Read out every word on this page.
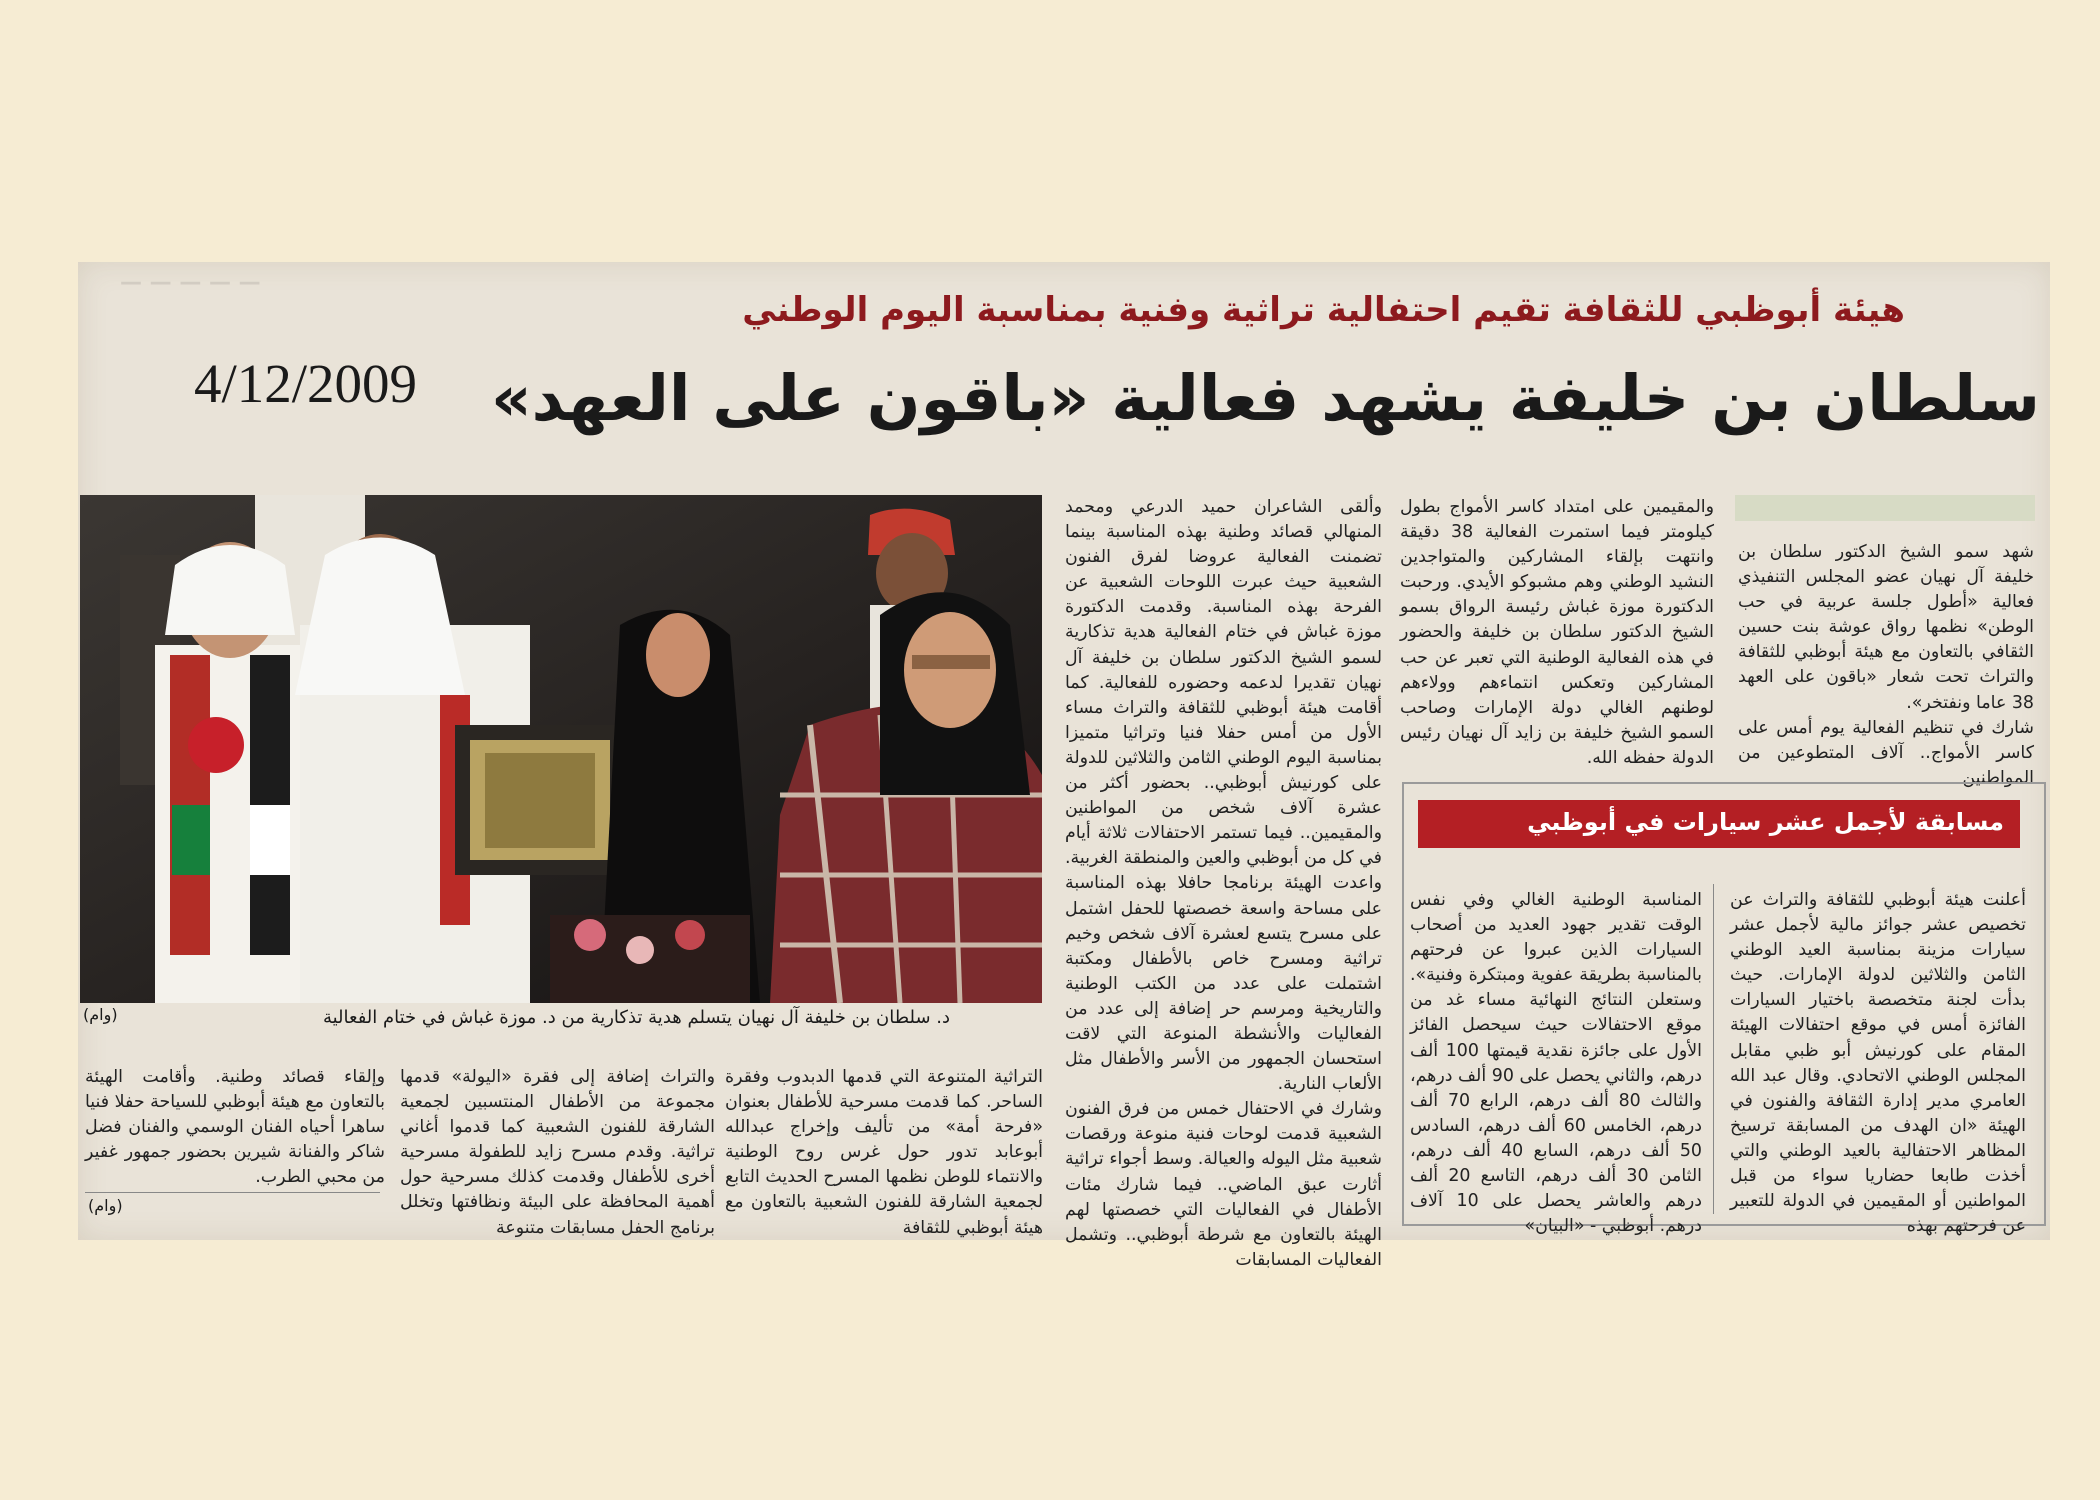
— — — — —
هيئة أبوظبي للثقافة تقيم احتفالية تراثية وفنية بمناسبة اليوم الوطني
سلطان بن خليفة يشهد فعالية «باقون على العهد»
4/12/2009
شهد سمو الشيخ الدكتور سلطان بن خليفة آل نهيان عضو المجلس التنفيذي فعالية «أطول جلسة عربية في حب الوطن» نظمها رواق عوشة بنت حسين الثقافي بالتعاون مع هيئة أبوظبي للثقافة والتراث تحت شعار «باقون على العهد 38 عاما ونفتخر».
شارك في تنظيم الفعالية يوم أمس على كاسر الأمواج.. آلاف المتطوعين من المواطنين
والمقيمين على امتداد كاسر الأمواج بطول كيلومتر فيما استمرت الفعالية 38 دقيقة وانتهت بإلقاء المشاركين والمتواجدين النشيد الوطني وهم مشبوكو الأيدي. ورحبت الدكتورة موزة غباش رئيسة الرواق بسمو الشيخ الدكتور سلطان بن خليفة والحضور في هذه الفعالية الوطنية التي تعبر عن حب المشاركين وتعكس انتماءهم وولاءهم لوطنهم الغالي دولة الإمارات وصاحب السمو الشيخ خليفة بن زايد آل نهيان رئيس الدولة حفظه الله.
وألقى الشاعران حميد الدرعي ومحمد المنهالي قصائد وطنية بهذه المناسبة بينما تضمنت الفعالية عروضا لفرق الفنون الشعبية حيث عبرت اللوحات الشعبية عن الفرحة بهذه المناسبة. وقدمت الدكتورة موزة غباش في ختام الفعالية هدية تذكارية لسمو الشيخ الدكتور سلطان بن خليفة آل نهيان تقديرا لدعمه وحضوره للفعالية. كما أقامت هيئة أبوظبي للثقافة والتراث مساء الأول من أمس حفلا فنيا وتراثيا متميزا بمناسبة اليوم الوطني الثامن والثلاثين للدولة على كورنيش أبوظبي.. بحضور أكثر من عشرة آلاف شخص من المواطنين والمقيمين.. فيما تستمر الاحتفالات ثلاثة أيام في كل من أبوظبي والعين والمنطقة الغربية. واعدت الهيئة برنامجا حافلا بهذه المناسبة على مساحة واسعة خصصتها للحفل اشتمل على مسرح يتسع لعشرة آلاف شخص وخيم تراثية ومسرح خاص بالأطفال ومكتبة اشتملت على عدد من الكتب الوطنية والتاريخية ومرسم حر إضافة إلى عدد من الفعاليات والأنشطة المنوعة التي لاقت استحسان الجمهور من الأسر والأطفال مثل الألعاب النارية.
وشارك في الاحتفال خمس من فرق الفنون الشعبية قدمت لوحات فنية منوعة ورقصات شعبية مثل اليوله والعيالة. وسط أجواء تراثية أثارت عبق الماضي.. فيما شارك مئات الأطفال في الفعاليات التي خصصتها لهم الهيئة بالتعاون مع شرطة أبوظبي.. وتشمل الفعاليات المسابقات
(وام)	د. سلطان بن خليفة آل نهيان يتسلم هدية تذكارية من د. موزة غباش في ختام الفعالية
التراثية المتنوعة التي قدمها الدبدوب وفقرة الساحر. كما قدمت مسرحية للأطفال بعنوان «فرحة أمة» من تأليف وإخراج عبدالله أبوعابد تدور حول غرس روح الوطنية والانتماء للوطن نظمها المسرح الحديث التابع لجمعية الشارقة للفنون الشعبية بالتعاون مع هيئة أبوظبي للثقافة
والتراث إضافة إلى فقرة «اليولة» قدمها مجموعة من الأطفال المنتسبين لجمعية الشارقة للفنون الشعبية كما قدموا أغاني تراثية. وقدم مسرح زايد للطفولة مسرحية أخرى للأطفال وقدمت كذلك مسرحية حول أهمية المحافظة على البيئة ونظافتها وتخلل برنامج الحفل مسابقات متنوعة
وإلقاء قصائد وطنية. وأقامت الهيئة بالتعاون مع هيئة أبوظبي للسياحة حفلا فنيا ساهرا أحياه الفنان الوسمي والفنان فضل شاكر والفنانة شيرين بحضور جمهور غفير من محبي الطرب.
(وام)
مسابقة لأجمل عشر سيارات في أبوظبي
أعلنت هيئة أبوظبي للثقافة والتراث عن تخصيص عشر جوائز مالية لأجمل عشر سيارات مزينة بمناسبة العيد الوطني الثامن والثلاثين لدولة الإمارات. حيث بدأت لجنة متخصصة باختيار السيارات الفائزة أمس في موقع احتفالات الهيئة المقام على كورنيش أبو ظبي مقابل المجلس الوطني الاتحادي. وقال عبد الله العامري مدير إدارة الثقافة والفنون في الهيئة «ان الهدف من المسابقة ترسيخ المظاهر الاحتفالية بالعيد الوطني والتي أخذت طابعا حضاريا سواء من قبل المواطنين أو المقيمين في الدولة للتعبير عن فرحتهم بهذه
المناسبة الوطنية الغالي وفي نفس الوقت تقدير جهود العديد من أصحاب السيارات الذين عبروا عن فرحتهم بالمناسبة بطريقة عفوية ومبتكرة وفنية». وستعلن النتائج النهائية مساء غد من موقع الاحتفالات حيث سيحصل الفائز الأول على جائزة نقدية قيمتها 100 ألف درهم، والثاني يحصل على 90 ألف درهم، والثالث 80 ألف درهم، الرابع 70 ألف درهم، الخامس 60 ألف درهم، السادس 50 ألف درهم، السابع 40 ألف درهم، الثامن 30 ألف درهم، التاسع 20 ألف درهم والعاشر يحصل على 10 آلاف درهم. أبوظبي - «البيان»
